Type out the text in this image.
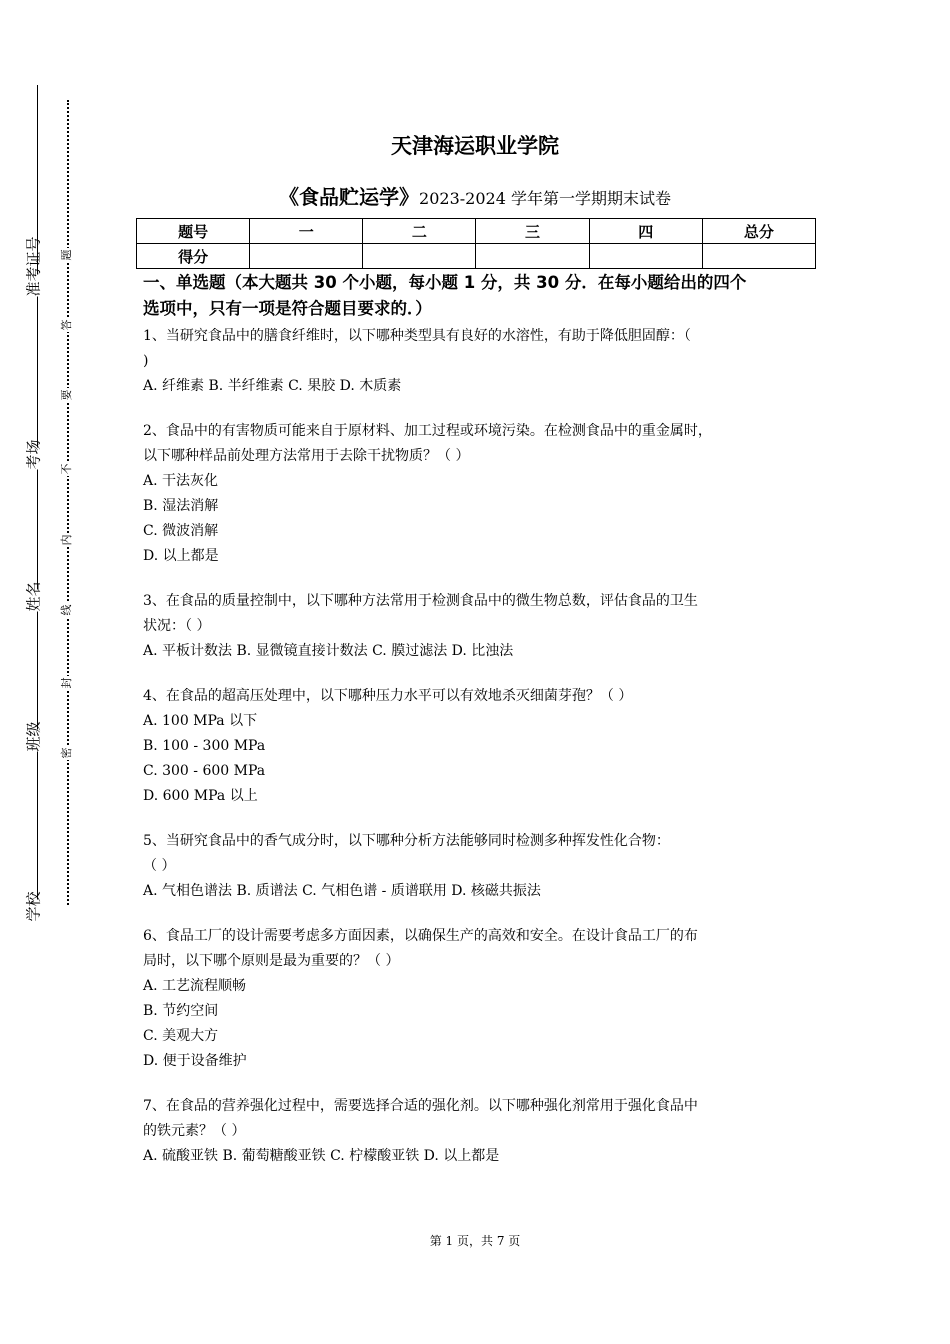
准考证号
考场
姓名
班级
学校
题
答
要
不
内
线
封
密
天津海运职业学院
《食品贮运学》2023-2024 学年第一学期期末试卷
题号	一	二	三	四	总分
得分					
一、单选题（本大题共 30 个小题，每小题 1 分，共 30 分．在每小题给出的四个
选项中，只有一项是符合题目要求的．）
1、当研究食品中的膳食纤维时，以下哪种类型具有良好的水溶性，有助于降低胆固醇：（
)
A. 纤维素 B. 半纤维素 C. 果胶 D. 木质素
2、食品中的有害物质可能来自于原材料、加工过程或环境污染。在检测食品中的重金属时，
以下哪种样品前处理方法常用于去除干扰物质？（ ）
A. 干法灰化
B. 湿法消解
C. 微波消解
D. 以上都是
3、在食品的质量控制中，以下哪种方法常用于检测食品中的微生物总数，评估食品的卫生
状况：（ ）
A. 平板计数法 B. 显微镜直接计数法 C. 膜过滤法 D. 比浊法
4、在食品的超高压处理中，以下哪种压力水平可以有效地杀灭细菌芽孢？（ ）
A. 100 MPa 以下
B. 100 - 300 MPa
C. 300 - 600 MPa
D. 600 MPa 以上
5、当研究食品中的香气成分时，以下哪种分析方法能够同时检测多种挥发性化合物：
（ ）
A. 气相色谱法 B. 质谱法 C. 气相色谱 - 质谱联用 D. 核磁共振法
6、食品工厂的设计需要考虑多方面因素，以确保生产的高效和安全。在设计食品工厂的布
局时，以下哪个原则是最为重要的？（ ）
A. 工艺流程顺畅
B. 节约空间
C. 美观大方
D. 便于设备维护
7、在食品的营养强化过程中，需要选择合适的强化剂。以下哪种强化剂常用于强化食品中
的铁元素？（ ）
A. 硫酸亚铁 B. 葡萄糖酸亚铁 C. 柠檬酸亚铁 D. 以上都是
第 1 页，共 7 页
